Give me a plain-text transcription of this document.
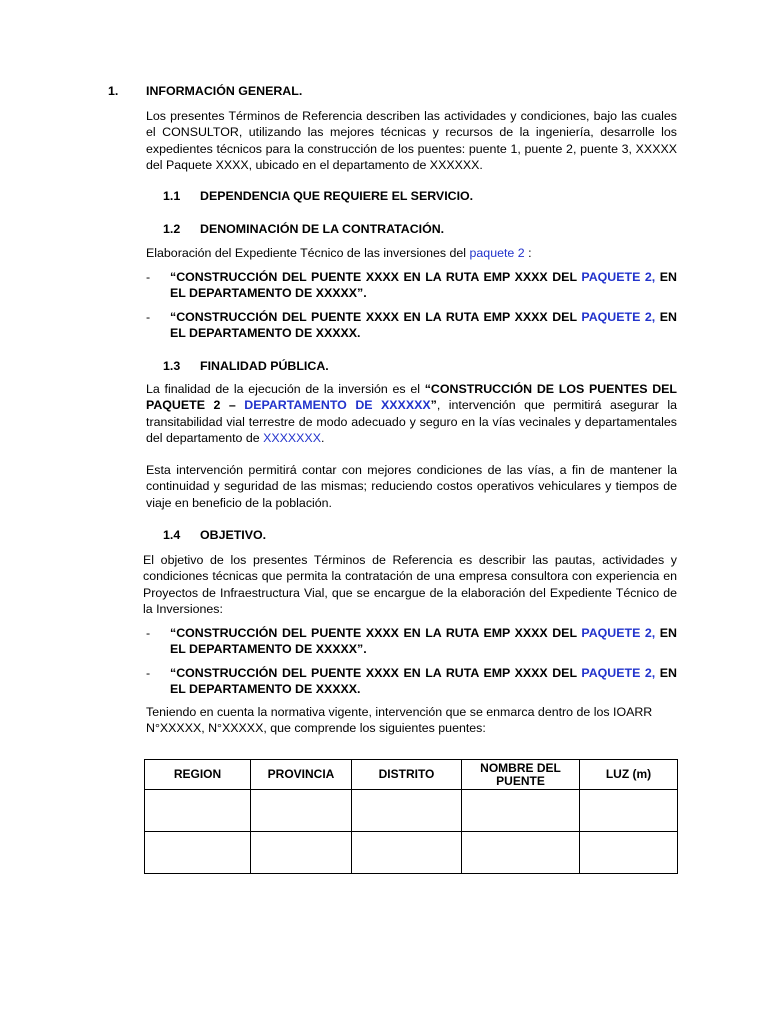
1. INFORMACIÓN GENERAL.
Los presentes Términos de Referencia describen las actividades y condiciones, bajo las cuales el CONSULTOR, utilizando las mejores técnicas y recursos de la ingeniería, desarrolle los expedientes técnicos para la construcción de los puentes: puente 1, puente 2, puente 3, XXXXX del Paquete XXXX, ubicado en el departamento de XXXXXX.
1.1 DEPENDENCIA QUE REQUIERE EL SERVICIO.
1.2 DENOMINACIÓN DE LA CONTRATACIÓN.
Elaboración del Expediente Técnico de las inversiones del paquete 2 :
- “CONSTRUCCIÓN DEL PUENTE XXXX EN LA RUTA EMP XXXX DEL PAQUETE 2, EN EL DEPARTAMENTO DE XXXXX”.
- “CONSTRUCCIÓN DEL PUENTE XXXX EN LA RUTA EMP XXXX DEL PAQUETE 2, EN EL DEPARTAMENTO DE XXXXX.
1.3 FINALIDAD PÚBLICA.
La finalidad de la ejecución de la inversión es el “CONSTRUCCIÓN DE LOS PUENTES DEL PAQUETE 2 – DEPARTAMENTO DE XXXXXX”, intervención que permitirá asegurar la transitabilidad vial terrestre de modo adecuado y seguro en la vías vecinales y departamentales del departamento de XXXXXXX.
Esta intervención permitirá contar con mejores condiciones de las vías, a fin de mantener la continuidad y seguridad de las mismas; reduciendo costos operativos vehiculares y tiempos de viaje en beneficio de la población.
1.4 OBJETIVO.
El objetivo de los presentes Términos de Referencia es describir las pautas, actividades y condiciones técnicas que permita la contratación de una empresa consultora con experiencia en Proyectos de Infraestructura Vial, que se encargue de la elaboración del Expediente Técnico de la Inversiones:
- “CONSTRUCCIÓN DEL PUENTE XXXX EN LA RUTA EMP XXXX DEL PAQUETE 2, EN EL DEPARTAMENTO DE XXXXX”.
- “CONSTRUCCIÓN DEL PUENTE XXXX EN LA RUTA EMP XXXX DEL PAQUETE 2, EN EL DEPARTAMENTO DE XXXXX.
Teniendo en cuenta la normativa vigente, intervención que se enmarca dentro de los IOARR N°XXXXX, N°XXXXX, que comprende los siguientes puentes:
REGION	PROVINCIA	DISTRITO	NOMBRE DEL PUENTE	LUZ (m)
